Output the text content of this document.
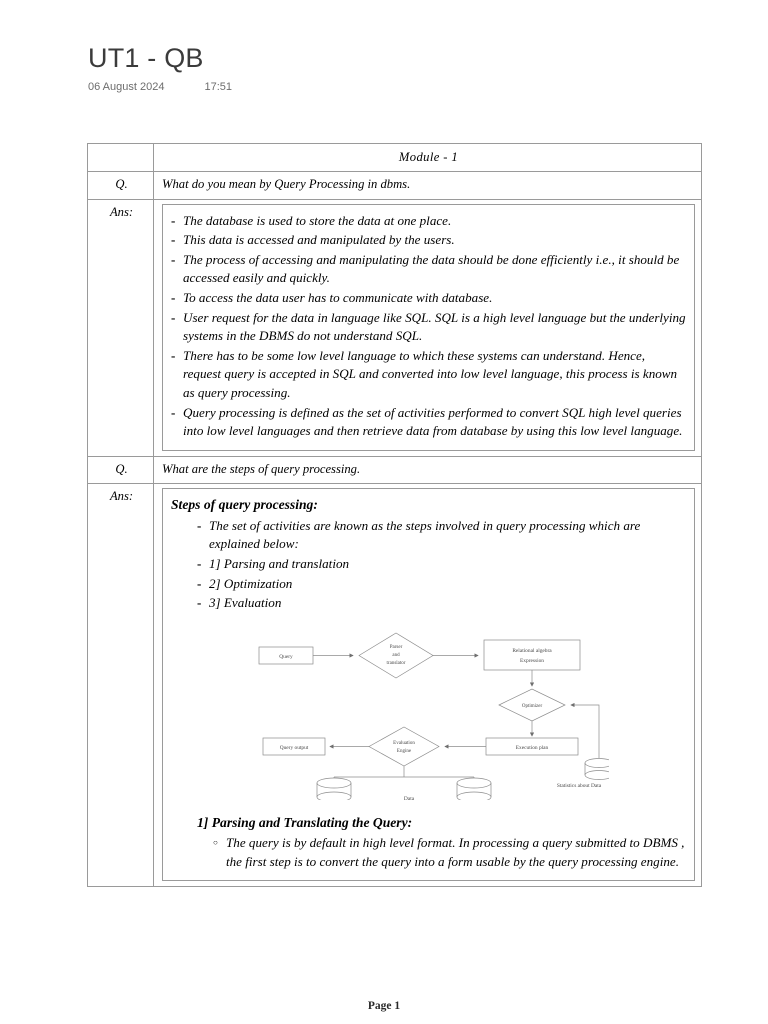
UT1 - QB
06 August 2024	17:51
	Module - 1
Q.	What do you mean by Query Processing in dbms.
Ans:	
- The database is used to store the data at one place.
- This data is accessed and manipulated by the users.
- The process of accessing and manipulating the data should be done efficiently i.e., it should be accessed easily and quickly.
- To access the data user has to communicate with database.
- User request for the data in language like SQL. SQL is a high level language but the underlying systems in the DBMS do not understand SQL.
- There has to be some low level language to which these systems can understand. Hence, request query is accepted in SQL and converted into low level language, this process is known as query processing.
- Query processing is defined as the set of activities performed to convert SQL high level queries into low level languages and then retrieve data from database by using this low level language.

Q.	What are the steps of query processing.
Ans:	
Steps of query processing:
- The set of activities are known as the steps involved in query processing which are explained below:
- 1] Parsing and translation
- 2] Optimization
- 3] Evaluation
Query
Parser
and
translator
Relational algebra
Expression
Optimizer
Execution plan
Evaluation
Engine
Query output
Data
Statistics about Data
1] Parsing and Translating the Query:
○ The query is by default in high level format. In processing a query submitted to DBMS , the first step is to convert the query into a form usable by the query processing engine.
Page 1
